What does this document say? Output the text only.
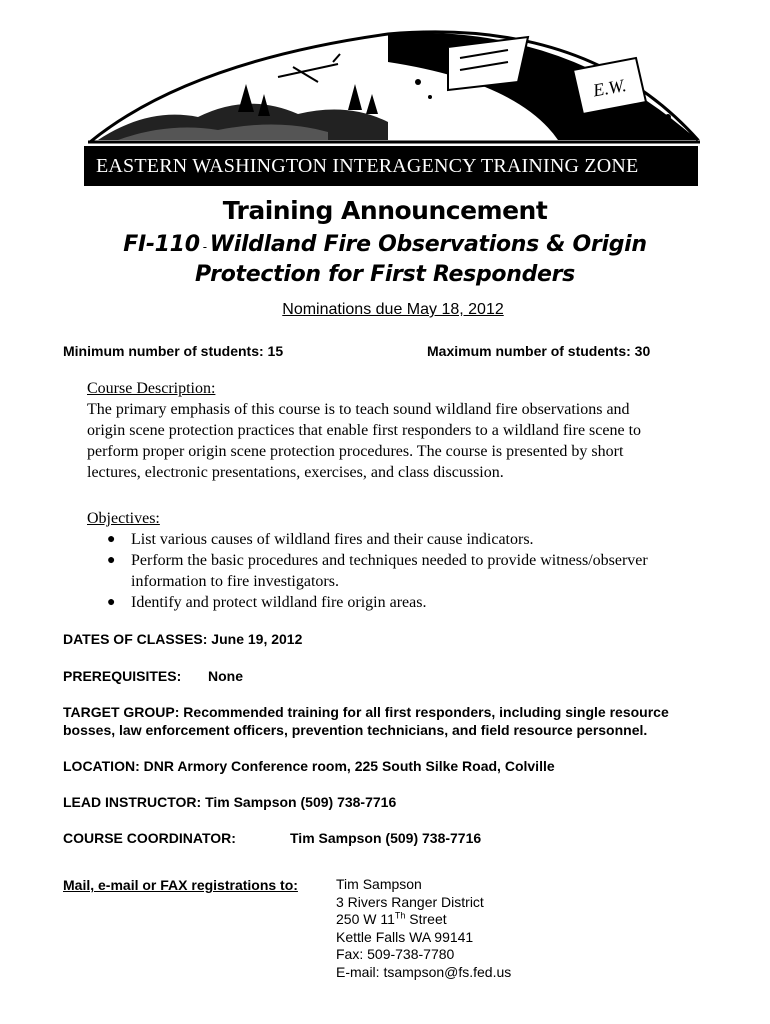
E.W.
EASTERN WASHINGTON INTERAGENCY TRAINING ZONE
Training Announcement
FI-110 - Wildland Fire Observations & Origin
Protection for First Responders
Nominations due May 18, 2012
Minimum number of students: 15	Maximum number of students: 30
Course Description:
The primary emphasis of this course is to teach sound wildland fire observations and
origin scene protection practices that enable first responders to a wildland fire scene to
perform proper origin scene protection procedures. The course is presented by short
lectures, electronic presentations, exercises, and class discussion.
Objectives:
● List various causes of wildland fires and their cause indicators.
● Perform the basic procedures and techniques needed to provide witness/observer
information to fire investigators.
● Identify and protect wildland fire origin areas.
DATES OF CLASSES: June 19, 2012
PREREQUISITES: None
TARGET GROUP: Recommended training for all first responders, including single resource
bosses, law enforcement officers, prevention technicians, and field resource personnel.
LOCATION: DNR Armory Conference room, 225 South Silke Road, Colville
LEAD INSTRUCTOR: Tim Sampson (509) 738-7716
COURSE COORDINATOR:	Tim Sampson (509) 738-7716
Mail, e-mail or FAX registrations to:	Tim Sampson
3 Rivers Ranger District
250 W 11Th Street
Kettle Falls WA 99141
Fax: 509-738-7780
E-mail: tsampson@fs.fed.us
